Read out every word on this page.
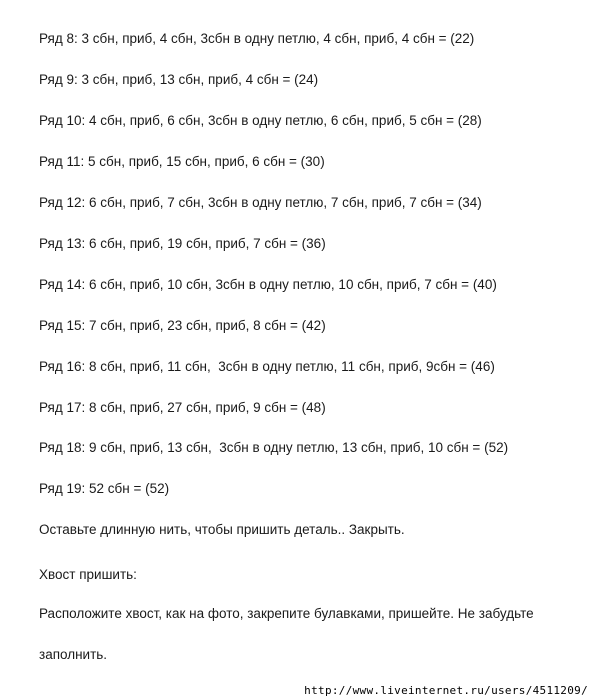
Ряд 8: 3 сбн, приб, 4 сбн, 3сбн в одну петлю, 4 сбн, приб, 4 сбн = (22)
Ряд 9: 3 сбн, приб, 13 сбн, приб, 4 сбн = (24)
Ряд 10: 4 сбн, приб, 6 сбн, 3сбн в одну петлю, 6 сбн, приб, 5 сбн = (28)
Ряд 11: 5 сбн, приб, 15 сбн, приб, 6 сбн = (30)
Ряд 12: 6 сбн, приб, 7 сбн, 3сбн в одну петлю, 7 сбн, приб, 7 сбн = (34)
Ряд 13: 6 сбн, приб, 19 сбн, приб, 7 сбн = (36)
Ряд 14: 6 сбн, приб, 10 сбн, 3сбн в одну петлю, 10 сбн, приб, 7 сбн = (40)
Ряд 15: 7 сбн, приб, 23 сбн, приб, 8 сбн = (42)
Ряд 16: 8 сбн, приб, 11 сбн,  3сбн в одну петлю, 11 сбн, приб, 9сбн = (46)
Ряд 17: 8 сбн, приб, 27 сбн, приб, 9 сбн = (48)
Ряд 18: 9 сбн, приб, 13 сбн,  3сбн в одну петлю, 13 сбн, приб, 10 сбн = (52)
Ряд 19: 52 сбн = (52)
Оставьте длинную нить, чтобы пришить деталь.. Закрыть.
Хвост пришить:
Расположите хвост, как на фото, закрепите булавками, пришейте. Не забудьте
заполнить.
http://www.liveinternet.ru/users/4511209/
